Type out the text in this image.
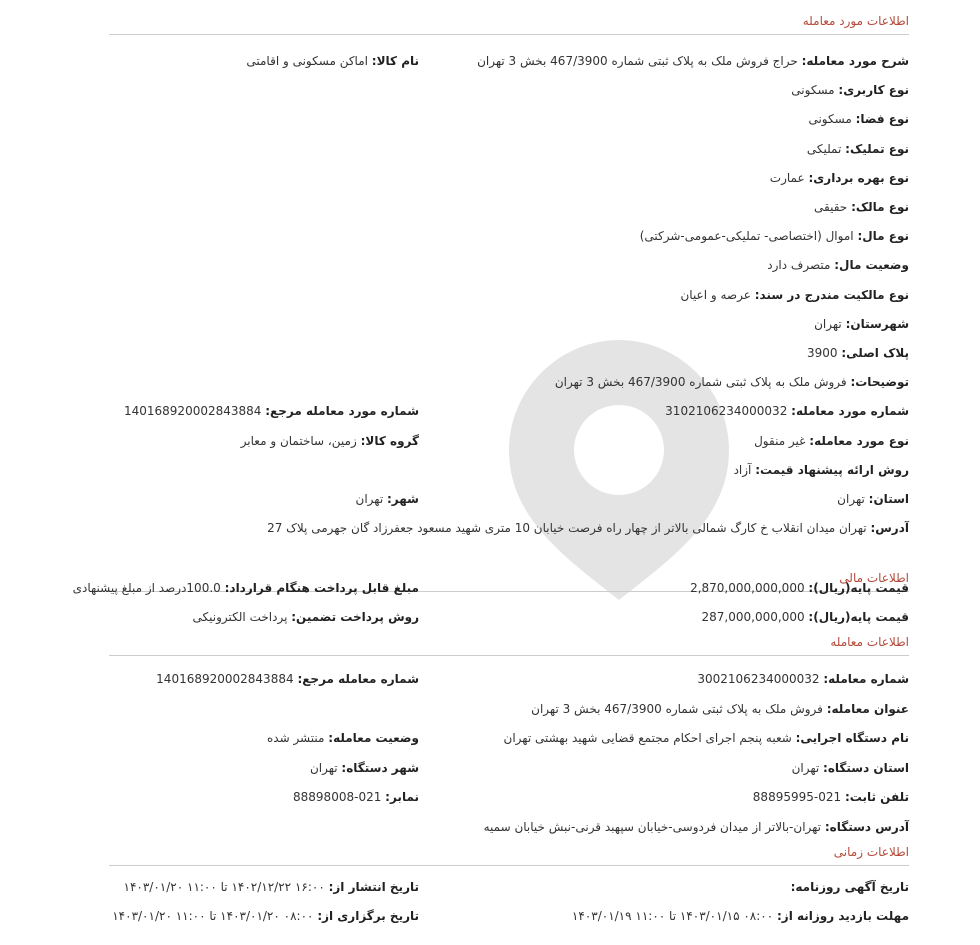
اطلاعات مورد معامله
شرح مورد معامله: حراج فروش ملک به پلاک ثبتی شماره 467/3900 بخش 3 تهران
نام کالا: اماکن مسکونی و اقامتی
نوع کاربری: مسکونی
نوع فضا: مسکونی
نوع تملیک: تملیکی
نوع بهره برداری: عمارت
نوع مالک: حقیقی
نوع مال: اموال (اختصاصی- تملیکی-عمومی-شرکتی)
وضعیت مال: متصرف دارد
نوع مالکیت مندرج در سند: عرصه و اعیان
شهرستان: تهران
پلاک اصلی: 3900
توضیحات: فروش ملک به پلاک ثبتی شماره 467/3900 بخش 3 تهران
شماره مورد معامله: 3102106234000032
شماره مورد معامله مرجع: 140168920002843884
نوع مورد معامله: غیر منقول
گروه کالا: زمین، ساختمان و معابر
روش ارائه پیشنهاد قیمت: آزاد
استان: تهران
شهر: تهران
آدرس: تهران میدان انقلاب خ کارگ شمالی بالاتر از چهار راه فرصت خیابان 10 متری شهید مسعود جعفرزاد گان جهرمی پلاک 27
اطلاعات مالی
قیمت پایه(ریال): 2,870,000,000,000
مبلغ قابل پرداخت هنگام قرارداد: 100.0درصد از مبلغ پیشنهادی
قیمت پایه(ریال): 287,000,000,000
روش پرداخت تضمین: پرداخت الکترونیکی
اطلاعات معامله
شماره معامله: 3002106234000032
شماره معامله مرجع: 140168920002843884
عنوان معامله: فروش ملک به پلاک ثبتی شماره 467/3900 بخش 3 تهران
نام دستگاه اجرایی: شعبه پنجم اجرای احکام مجتمع قضایی شهید بهشتی تهران
وضعیت معامله: منتشر شده
استان دستگاه: تهران
شهر دستگاه: تهران
تلفن ثابت: 021-88895995
نمابر: 021-88898008
آدرس دستگاه: تهران-بالاتر از میدان فردوسی-خیابان سپهبد قرنی-نبش خیابان سمیه
اطلاعات زمانی
تاریخ آگهی روزنامه:
تاریخ انتشار از: ۱۶:۰۰ ۱۴۰۲/۱۲/۲۲ تا ۱۱:۰۰ ۱۴۰۳/۰۱/۲۰
مهلت بازدید روزانه از: ۰۸:۰۰ ۱۴۰۳/۰۱/۱۵ تا ۱۱:۰۰ ۱۴۰۳/۰۱/۱۹
تاریخ برگزاری از: ۰۸:۰۰ ۱۴۰۳/۰۱/۲۰ تا ۱۱:۰۰ ۱۴۰۳/۰۱/۲۰
